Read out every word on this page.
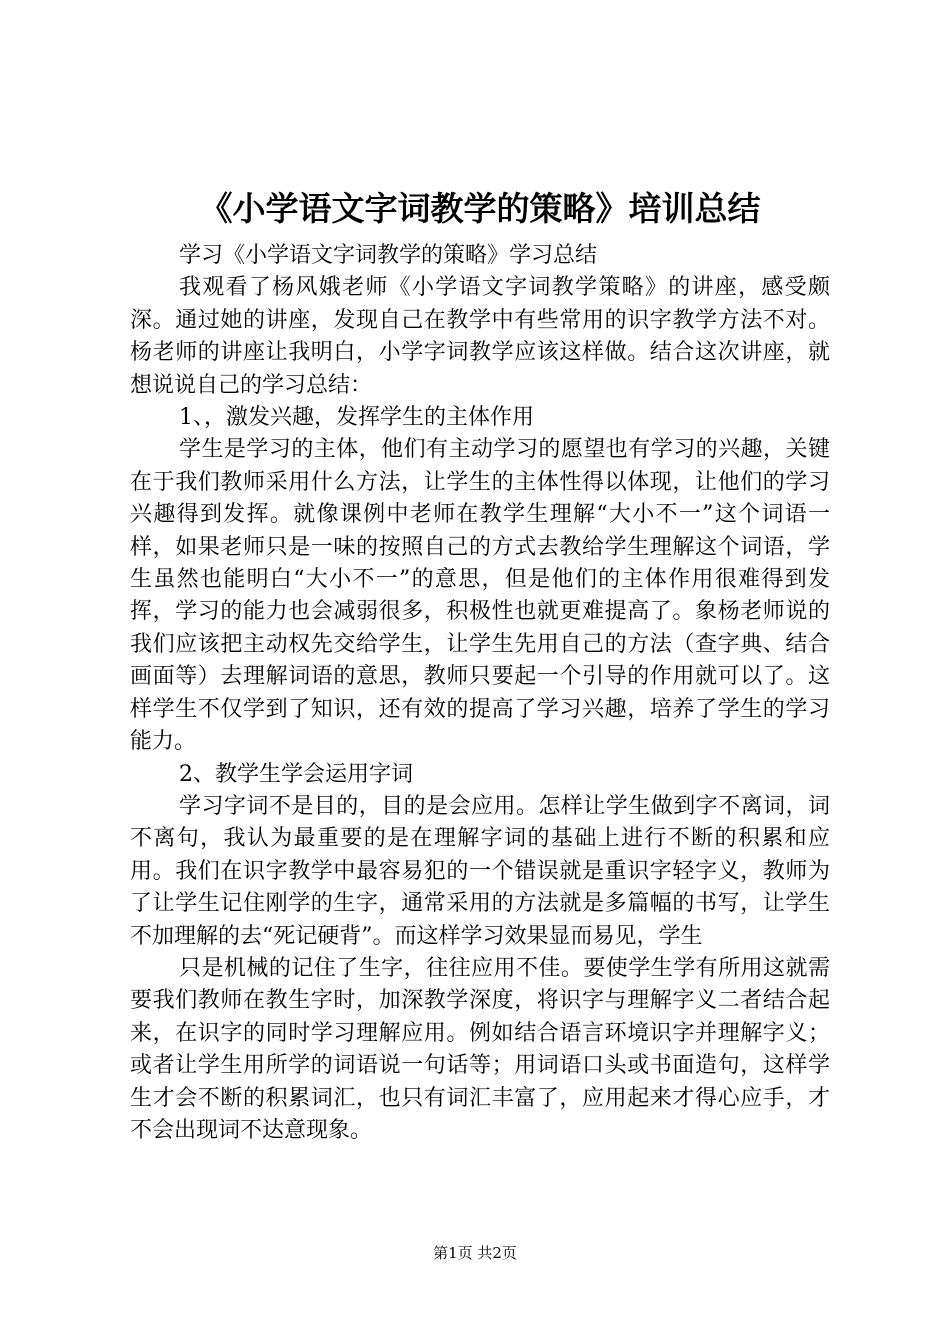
《小学语文字词教学的策略》培训总结

学习《小学语文字词教学的策略》学习总结

我观看了杨风娥老师《小学语文字词教学策略》的讲座，感受颇深。通过她的讲座，发现自己在教学中有些常用的识字教学方法不对。杨老师的讲座让我明白，小学字词教学应该这样做。结合这次讲座，就想说说自己的学习总结：

1、，激发兴趣，发挥学生的主体作用

学生是学习的主体，他们有主动学习的愿望也有学习的兴趣，关键在于我们教师采用什么方法，让学生的主体性得以体现，让他们的学习兴趣得到发挥。就像课例中老师在教学生理解“大小不一”这个词语一样，如果老师只是一味的按照自己的方式去教给学生理解这个词语，学生虽然也能明白“大小不一”的意思，但是他们的主体作用很难得到发挥，学习的能力也会减弱很多，积极性也就更难提高了。象杨老师说的我们应该把主动权先交给学生，让学生先用自己的方法（查字典、结合画面等）去理解词语的意思，教师只要起一个引导的作用就可以了。这样学生不仅学到了知识，还有效的提高了学习兴趣，培养了学生的学习能力。

2、教学生学会运用字词

学习字词不是目的，目的是会应用。怎样让学生做到字不离词，词不离句，我认为最重要的是在理解字词的基础上进行不断的积累和应用。我们在识字教学中最容易犯的一个错误就是重识字轻字义，教师为了让学生记住刚学的生字，通常采用的方法就是多篇幅的书写，让学生不加理解的去“死记硬背”。而这样学习效果显而易见，学生

只是机械的记住了生字，往往应用不佳。要使学生学有所用这就需要我们教师在教生字时，加深教学深度，将识字与理解字义二者结合起来，在识字的同时学习理解应用。例如结合语言环境识字并理解字义；或者让学生用所学的词语说一句话等；用词语口头或书面造句，这样学生才会不断的积累词汇，也只有词汇丰富了，应用起来才得心应手，才不会出现词不达意现象。

第1页 共2页
